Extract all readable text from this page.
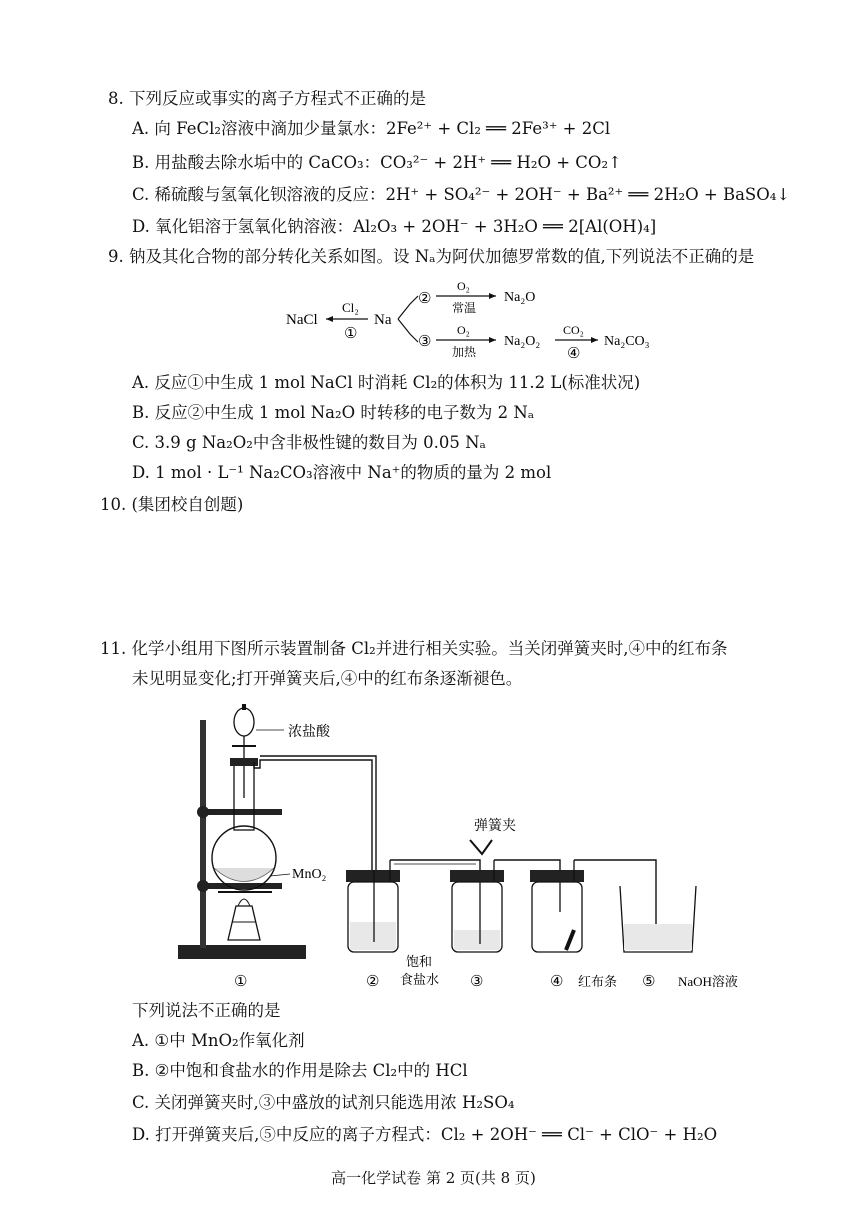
8. 下列反应或事实的离子方程式不正确的是
A. 向 FeCl₂溶液中滴加少量氯水：2Fe²⁺ + Cl₂ ══ 2Fe³⁺ + 2Cl
B. 用盐酸去除水垢中的 CaCO₃：CO₃²⁻ + 2H⁺ ══ H₂O + CO₂↑
C. 稀硫酸与氢氧化钡溶液的反应：2H⁺ + SO₄²⁻ + 2OH⁻ + Ba²⁺ ══ 2H₂O + BaSO₄↓
D. 氧化铝溶于氢氧化钠溶液：Al₂O₃ + 2OH⁻ + 3H₂O ══ 2[Al(OH)₄]
9. 钠及其化合物的部分转化关系如图。设 Nₐ为阿伏加德罗常数的值,下列说法不正确的是
NaCl
Cl₂
①
Na
②
O₂
常温
Na₂O
③
O₂
加热
Na₂O₂
CO₂
④
Na₂CO₃
A. 反应①中生成 1 mol NaCl 时消耗 Cl₂的体积为 11.2 L(标准状况)
B. 反应②中生成 1 mol Na₂O 时转移的电子数为 2 Nₐ
C. 3.9 g Na₂O₂中含非极性键的数目为 0.05 Nₐ
D. 1 mol · L⁻¹ Na₂CO₃溶液中 Na⁺的物质的量为 2 mol
10. (集团校自创题)
11. 化学小组用下图所示装置制备 Cl₂并进行相关实验。当关闭弹簧夹时,④中的红布条
未见明显变化;打开弹簧夹后,④中的红布条逐渐褪色。
浓盐酸
MnO₂
弹簧夹
①	②
饱和
食盐水 ③	④ 红布条 ⑤ NaOH溶液
下列说法不正确的是
A. ①中 MnO₂作氧化剂
B. ②中饱和食盐水的作用是除去 Cl₂中的 HCl
C. 关闭弹簧夹时,③中盛放的试剂只能选用浓 H₂SO₄
D. 打开弹簧夹后,⑤中反应的离子方程式：Cl₂ + 2OH⁻ ══ Cl⁻ + ClO⁻ + H₂O
高一化学试卷 第 2 页(共 8 页)
